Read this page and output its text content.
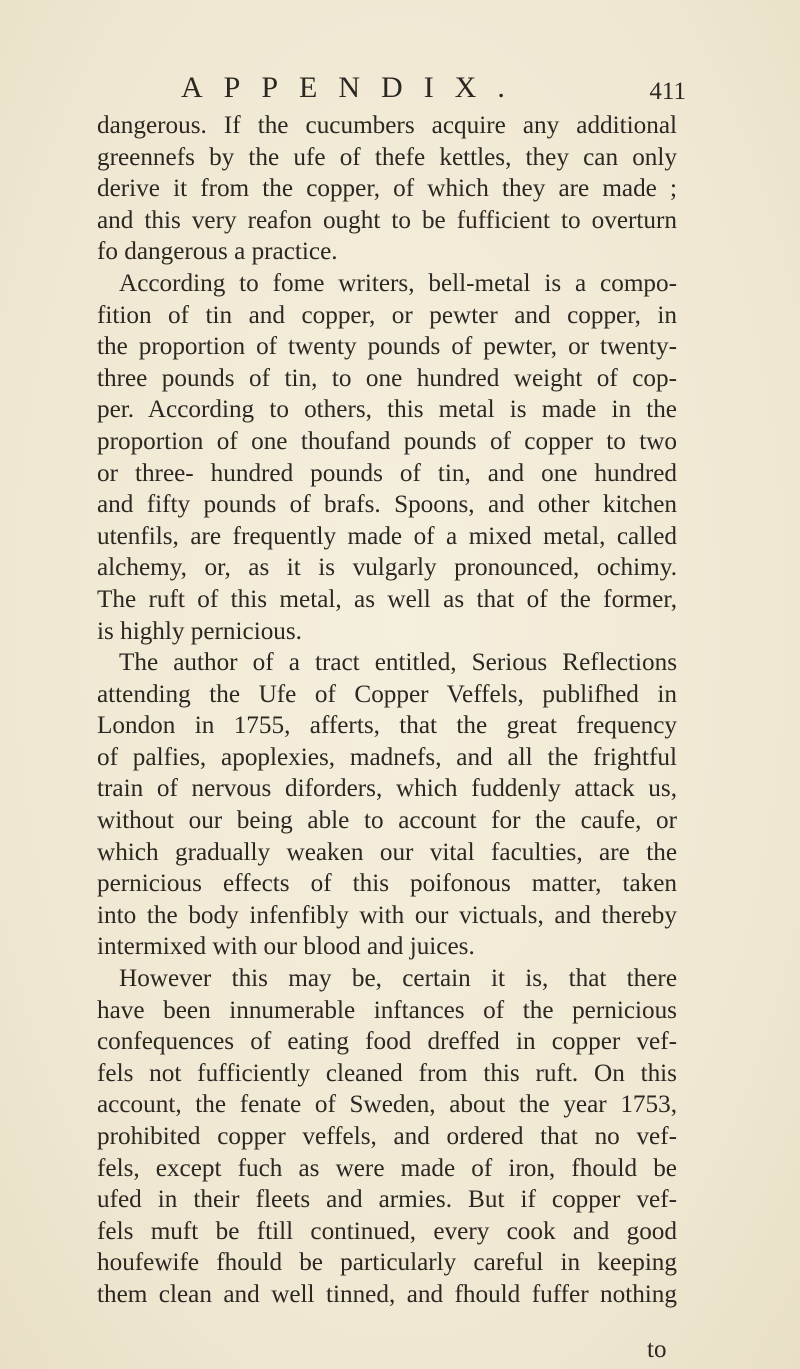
APPENDIX.	411
dangerous. If the cucumbers acquire any additional
greennefs by the ufe of thefe kettles, they can only
derive it from the copper, of which they are made ;
and this very reafon ought to be fufficient to overturn
fo dangerous a practice.
According to fome writers, bell-metal is a compo-
fition of tin and copper, or pewter and copper, in
the proportion of twenty pounds of pewter, or twenty-
three pounds of tin, to one hundred weight of cop-
per. According to others, this metal is made in the
proportion of one thoufand pounds of copper to two
or three- hundred pounds of tin, and one hundred
and fifty pounds of brafs. Spoons, and other kitchen
utenfils, are frequently made of a mixed metal, called
alchemy, or, as it is vulgarly pronounced, ochimy.
The ruft of this metal, as well as that of the former,
is highly pernicious.
The author of a tract entitled, Serious Reflections
attending the Ufe of Copper Veffels, publifhed in
London in 1755, afferts, that the great frequency
of palfies, apoplexies, madnefs, and all the frightful
train of nervous diforders, which fuddenly attack us,
without our being able to account for the caufe, or
which gradually weaken our vital faculties, are the
pernicious effects of this poifonous matter, taken
into the body infenfibly with our victuals, and thereby
intermixed with our blood and juices.
However this may be, certain it is, that there
have been innumerable inftances of the pernicious
confequences of eating food dreffed in copper vef-
fels not fufficiently cleaned from this ruft. On this
account, the fenate of Sweden, about the year 1753,
prohibited copper veffels, and ordered that no vef-
fels, except fuch as were made of iron, fhould be
ufed in their fleets and armies. But if copper vef-
fels muft be ftill continued, every cook and good
houfewife fhould be particularly careful in keeping
them clean and well tinned, and fhould fuffer nothing
to
